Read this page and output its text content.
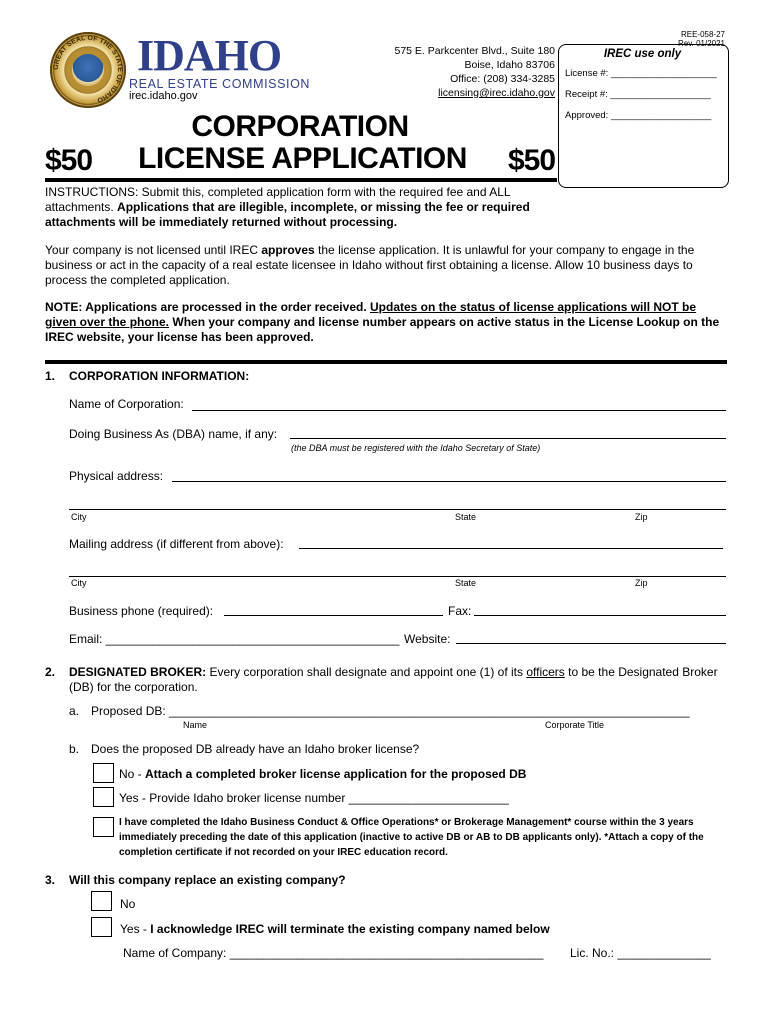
GREAT SEAL OF THE STATE OF IDAHO
IDAHO
REAL ESTATE COMMISSION
irec.idaho.gov
575 E. Parkcenter Blvd., Suite 180
Boise, Idaho 83706
Office: (208) 334-3285
licensing@irec.idaho.gov
REE-058-27
Rev. 01/2021
IREC use only
License #: ____________________
Receipt #: ___________________
Approved: ___________________
CORPORATION
LICENSE APPLICATION
$50	$50
INSTRUCTIONS: Submit this, completed application form with the required fee and ALL attachments. Applications that are illegible, incomplete, or missing the fee or required attachments will be immediately returned without processing.
Your company is not licensed until IREC approves the license application. It is unlawful for your company to engage in the business or act in the capacity of a real estate licensee in Idaho without first obtaining a license. Allow 10 business days to process the completed application.
NOTE: Applications are processed in the order received. Updates on the status of license applications will NOT be given over the phone. When your company and license number appears on active status in the License Lookup on the IREC website, your license has been approved.
1. CORPORATION INFORMATION:
Name of Corporation:
Doing Business As (DBA) name, if any:
(the DBA must be registered with the Idaho Secretary of State)
Physical address:
City	State	Zip
Mailing address (if different from above):
City	State	Zip
Business phone (required):	Fax:
Email: ____________________________________________ Website:
2. DESIGNATED BROKER: Every corporation shall designate and appoint one (1) of its officers to be the Designated Broker (DB) for the corporation.
a. Proposed DB: ______________________________________________________________________________
Name	Corporate Title
b. Does the proposed DB already have an Idaho broker license?
No - Attach a completed broker license application for the proposed DB
Yes - Provide Idaho broker license number ________________________
I have completed the Idaho Business Conduct & Office Operations* or Brokerage Management* course within the 3 years immediately preceding the date of this application (inactive to active DB or AB to DB applicants only). *Attach a copy of the completion certificate if not recorded on your IREC education record.
3. Will this company replace an existing company?
No
Yes - I acknowledge IREC will terminate the existing company named below
Name of Company: _______________________________________________ Lic. No.: ______________
